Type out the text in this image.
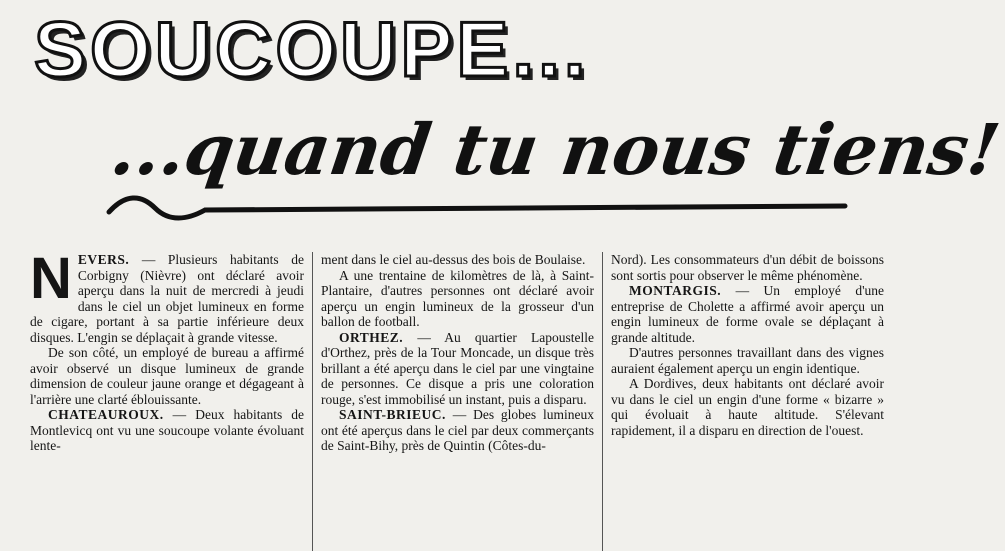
SOUCOUPE...
...quand tu nous tiens!

N EVERS. — Plusieurs habitants de Corbigny (Nièvre) ont déclaré avoir aperçu dans la nuit de mercredi à jeudi dans le ciel un objet lumineux en forme de cigare, portant à sa partie inférieure deux disques. L'engin se déplaçait à grande vitesse.

De son côté, un employé de bureau a affirmé avoir observé un disque lumineux de grande dimension de couleur jaune orange et dégageant à l'arrière une clarté éblouissante.

CHATEAUROUX. — Deux habitants de Montlevicq ont vu une soucoupe volante évoluant lente-

ment dans le ciel au-dessus des bois de Boulaise.

A une trentaine de kilomètres de là, à Saint-Plantaire, d'autres personnes ont déclaré avoir aperçu un engin lumineux de la grosseur d'un ballon de football.

ORTHEZ. — Au quartier Lapoustelle d'Orthez, près de la Tour Moncade, un disque très brillant a été aperçu dans le ciel par une vingtaine de personnes. Ce disque a pris une coloration rouge, s'est immobilisé un instant, puis a disparu.

SAINT-BRIEUC. — Des globes lumineux ont été aperçus dans le ciel par deux commerçants de Saint-Bihy, près de Quintin (Côtes-du-

Nord). Les consommateurs d'un débit de boissons sont sortis pour observer le même phénomène.

MONTARGIS. — Un employé d'une entreprise de Cholette a affirmé avoir aperçu un engin lumineux de forme ovale se déplaçant à grande altitude.

D'autres personnes travaillant dans des vignes auraient également aperçu un engin identique.

A Dordives, deux habitants ont déclaré avoir vu dans le ciel un engin d'une forme « bizarre » qui évoluait à haute altitude. S'élevant rapidement, il a disparu en direction de l'ouest.
